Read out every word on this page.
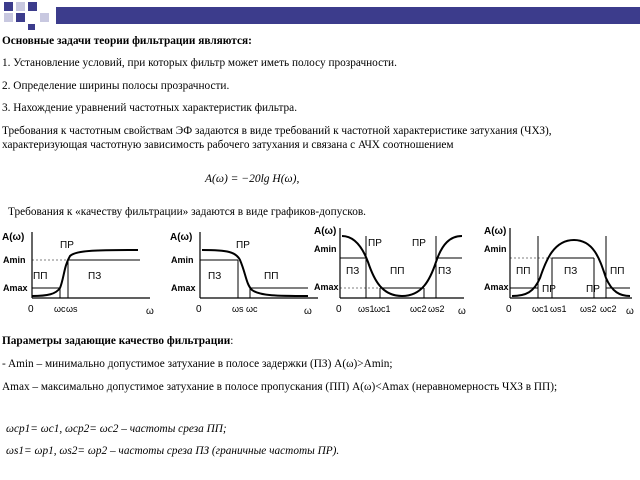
Основные задачи теории фильтрации являются:
1. Установление условий, при которых фильтр может иметь полосу прозрачности.
2. Определение ширины полосы прозрачности.
3. Нахождение уравнений частотных характеристик фильтра.
Требования к частотным свойствам ЭФ задаются в виде требований к частотной характеристике затухания (ЧХЗ), характеризующая частотную зависимость рабочего затухания и связана с АЧХ соотношением
A(ω) = −20lg H(ω),
Требования к «качеству фильтрации» задаются в виде графиков-допусков.
A(ω)
Amin
Amax
ПП	ПЗ
ПР
0 ωc ωs	ω
A(ω)
Amin
Amax
ПЗ	ПП
ПР
0	ωs ωc	ω
A(ω)
Amin
Amax
ПЗ	ПП	ПЗ
ПР	ПР
0 ωs1 ωc1 ωc2 ωs2 ω
A(ω)
Amin
Amax
ПП	ПЗ	ПП
ПР	ПР
0 ωc1 ωs1 ωs2 ωc2 ω
Параметры задающие качество фильтрации:
- Amin – минимально допустимое затухание в полосе задержки (ПЗ) A(ω)>Amin;
Amax – максимально допустимое затухание в полосе пропускания (ПП) A(ω)<Amax (неравномерность ЧХЗ в ПП);
ωcp1= ωc1, ωcp2= ωc2 – частоты среза ПП;
ωs1= ωp1, ωs2= ωp2 – частоты среза ПЗ (граничные частоты ПР).
